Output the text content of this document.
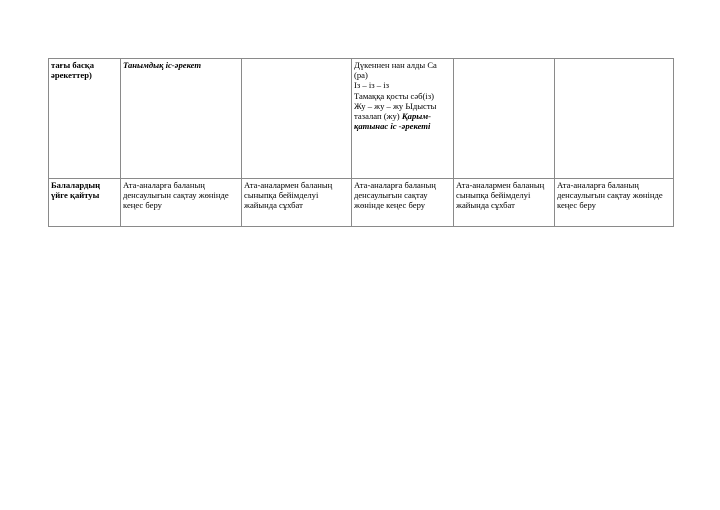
тағы басқа әрекеттер)	Танымдық іс-әрекет		Дүкеннен нан алды Са (ра)
Із – із – із
Тамаққа қосты сәб(із)
Жу – жу – жу Ыдысты тазалап (жу) Қарым-қатынас іс -әрекеті		
Балалардың үйге қайтуы	Ата-аналарға баланың денсаулығын сақтау жөнінде кеңес беру	Ата-аналармен баланың сыныпқа бейімделуі жайында сұхбат	Ата-аналарға баланың денсаулығын сақтау жөнінде кеңес беру	Ата-аналармен баланың сыныпқа бейімделуі жайында сұхбат	Ата-аналарға баланың денсаулығын сақтау жөнінде кеңес беру
